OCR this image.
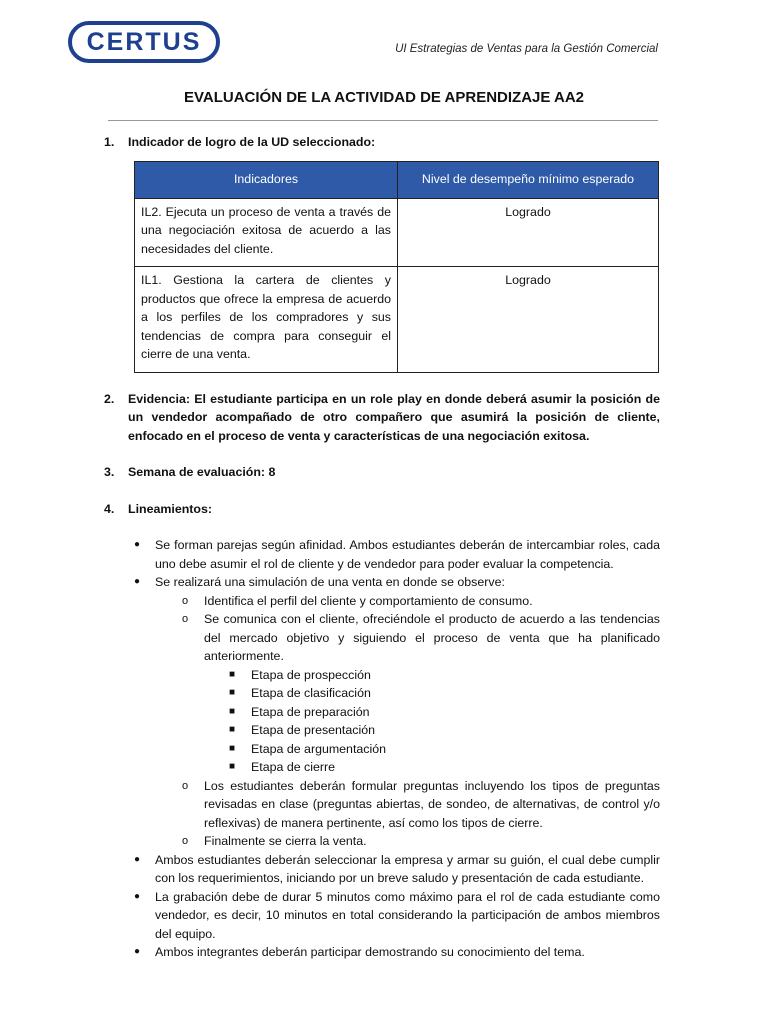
CERTUS	UI Estrategias de Ventas para la Gestión Comercial
EVALUACIÓN DE LA ACTIVIDAD DE APRENDIZAJE AA2
1.	Indicador de logro de la UD seleccionado:
Indicadores	Nivel de desempeño mínimo esperado
IL2. Ejecuta un proceso de venta a través de una negociación exitosa de acuerdo a las necesidades del cliente.	Logrado
IL1. Gestiona la cartera de clientes y productos que ofrece la empresa de acuerdo a los perfiles de los compradores y sus tendencias de compra para conseguir el cierre de una venta.	Logrado
2.	Evidencia: El estudiante participa en un role play en donde deberá asumir la posición de un vendedor acompañado de otro compañero que asumirá la posición de cliente, enfocado en el proceso de venta y características de una negociación exitosa.
3.	Semana de evaluación: 8
4.	Lineamientos:
● Se forman parejas según afinidad. Ambos estudiantes deberán de intercambiar roles, cada uno debe asumir el rol de cliente y de vendedor para poder evaluar la competencia.
● Se realizará una simulación de una venta en donde se observe:
o Identifica el perfil del cliente y comportamiento de consumo.
o Se comunica con el cliente, ofreciéndole el producto de acuerdo a las tendencias del mercado objetivo y siguiendo el proceso de venta que ha planificado anteriormente.
■ Etapa de prospección
■ Etapa de clasificación
■ Etapa de preparación
■ Etapa de presentación
■ Etapa de argumentación
■ Etapa de cierre
o Los estudiantes deberán formular preguntas incluyendo los tipos de preguntas revisadas en clase (preguntas abiertas, de sondeo, de alternativas, de control y/o reflexivas) de manera pertinente, así como los tipos de cierre.
o Finalmente se cierra la venta.
● Ambos estudiantes deberán seleccionar la empresa y armar su guión, el cual debe cumplir con los requerimientos, iniciando por un breve saludo y presentación de cada estudiante.
● La grabación debe de durar 5 minutos como máximo para el rol de cada estudiante como vendedor, es decir, 10 minutos en total considerando la participación de ambos miembros del equipo.
● Ambos integrantes deberán participar demostrando su conocimiento del tema.
